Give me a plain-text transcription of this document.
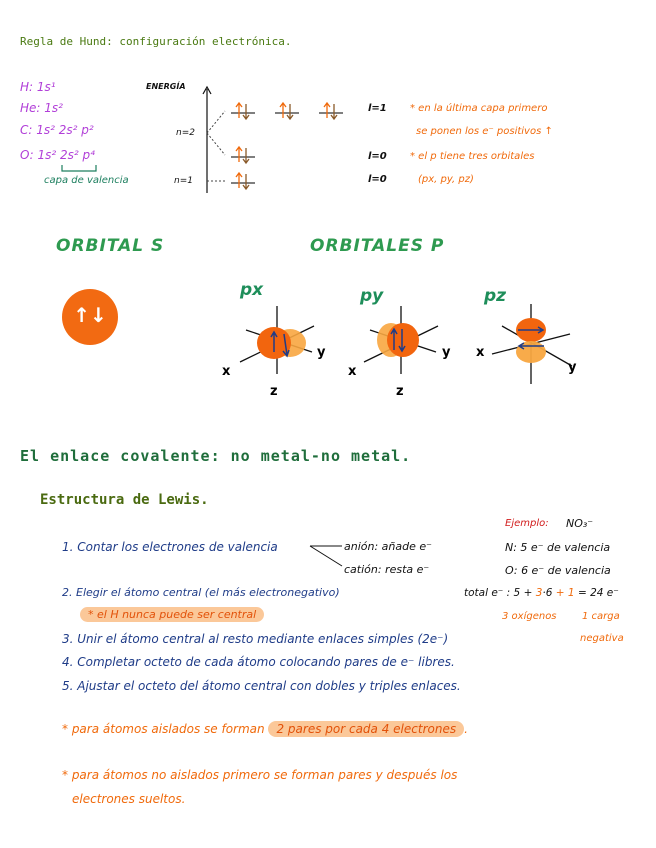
Regla de Hund: configuración electrónica.
H: 1s¹
He: 1s²
C: 1s² 2s² p²
O: 1s² 2s² p⁴
capa de valencia
ENERGÍA
n=2
n=1
l=1
l=0
l=0
* en la última capa primero
se ponen los e⁻ positivos ↑
* el p tiene tres orbitales
(px, py, pz)
ORBITAL S	ORBITALES P
↑↓
px	py	pz
x
y
z
x
y
z
x
y
El enlace covalente: no metal-no metal.
Estructura de Lewis.
1. Contar los electrones de valencia	anión: añade e⁻
catión: resta e⁻
2. Elegir el átomo central (el más electronegativo)
* el H nunca puede ser central
3. Unir el átomo central al resto mediante enlaces simples (2e⁻)
4. Completar octeto de cada átomo colocando pares de e⁻ libres.
5. Ajustar el octeto del átomo central con dobles y triples enlaces.
Ejemplo: NO₃⁻
N: 5 e⁻ de valencia
O: 6 e⁻ de valencia
total e⁻ : 5 + 3·6 + 1 = 24 e⁻
3 oxígenos	1 carga
negativa
* para átomos aislados se forman 2 pares por cada 4 electrones .
* para átomos no aislados primero se forman pares y después los
electrones sueltos.
